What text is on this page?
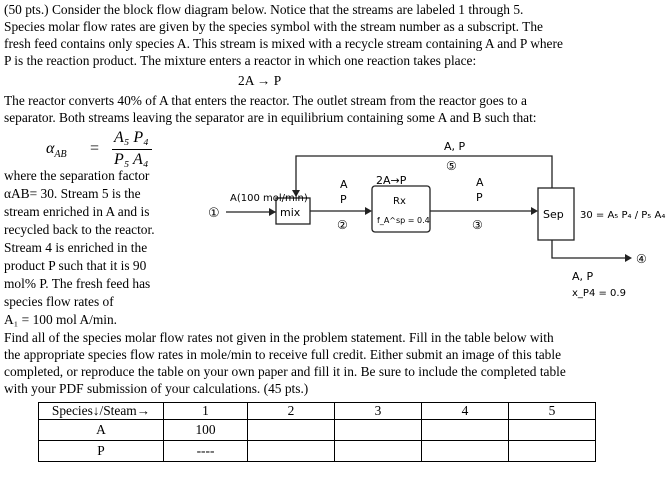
(50 pts.) Consider the block flow diagram below. Notice that the streams are labeled 1 through 5.
Species molar flow rates are given by the species symbol with the stream number as a subscript. The
fresh feed contains only species A. This stream is mixed with a recycle stream containing A and P where
P is the reaction product. The mixture enters a reactor in which one reaction takes place:
2A → P
The reactor converts 40% of A that enters the reactor. The outlet stream from the reactor goes to a
separator. Both streams leaving the separator are in equilibrium containing some A and B such that:
$\alpha_{AB}$ =
A₅ P₄
P₅ A₄
where the separation factor
αAB= 30. Stream 5 is the
stream enriched in A and is
recycled back to the reactor.
Stream 4 is enriched in the
product P such that it is 90
mol% P. The fresh feed has
species flow rates of
A₁ = 100 mol A/min.
①
A(100 mol/min)
mix
A
P
②
A, P
⑤
2A→P
Rx
f_A^sp = 0.4
A
P
③
Sep 30 = A₅ P₄ / P₅ A₄
④
A, P
x_P4 = 0.9
Find all of the species molar flow rates not given in the problem statement. Fill in the table below with
the appropriate species flow rates in mole/min to receive full credit. Either submit an image of this table
completed, or reproduce the table on your own paper and fill it in. Be sure to include the completed table
with your PDF submission of your calculations. (45 pts.)
Species↓/Steam→	1	2	3	4	5
A	100				
P	----				
